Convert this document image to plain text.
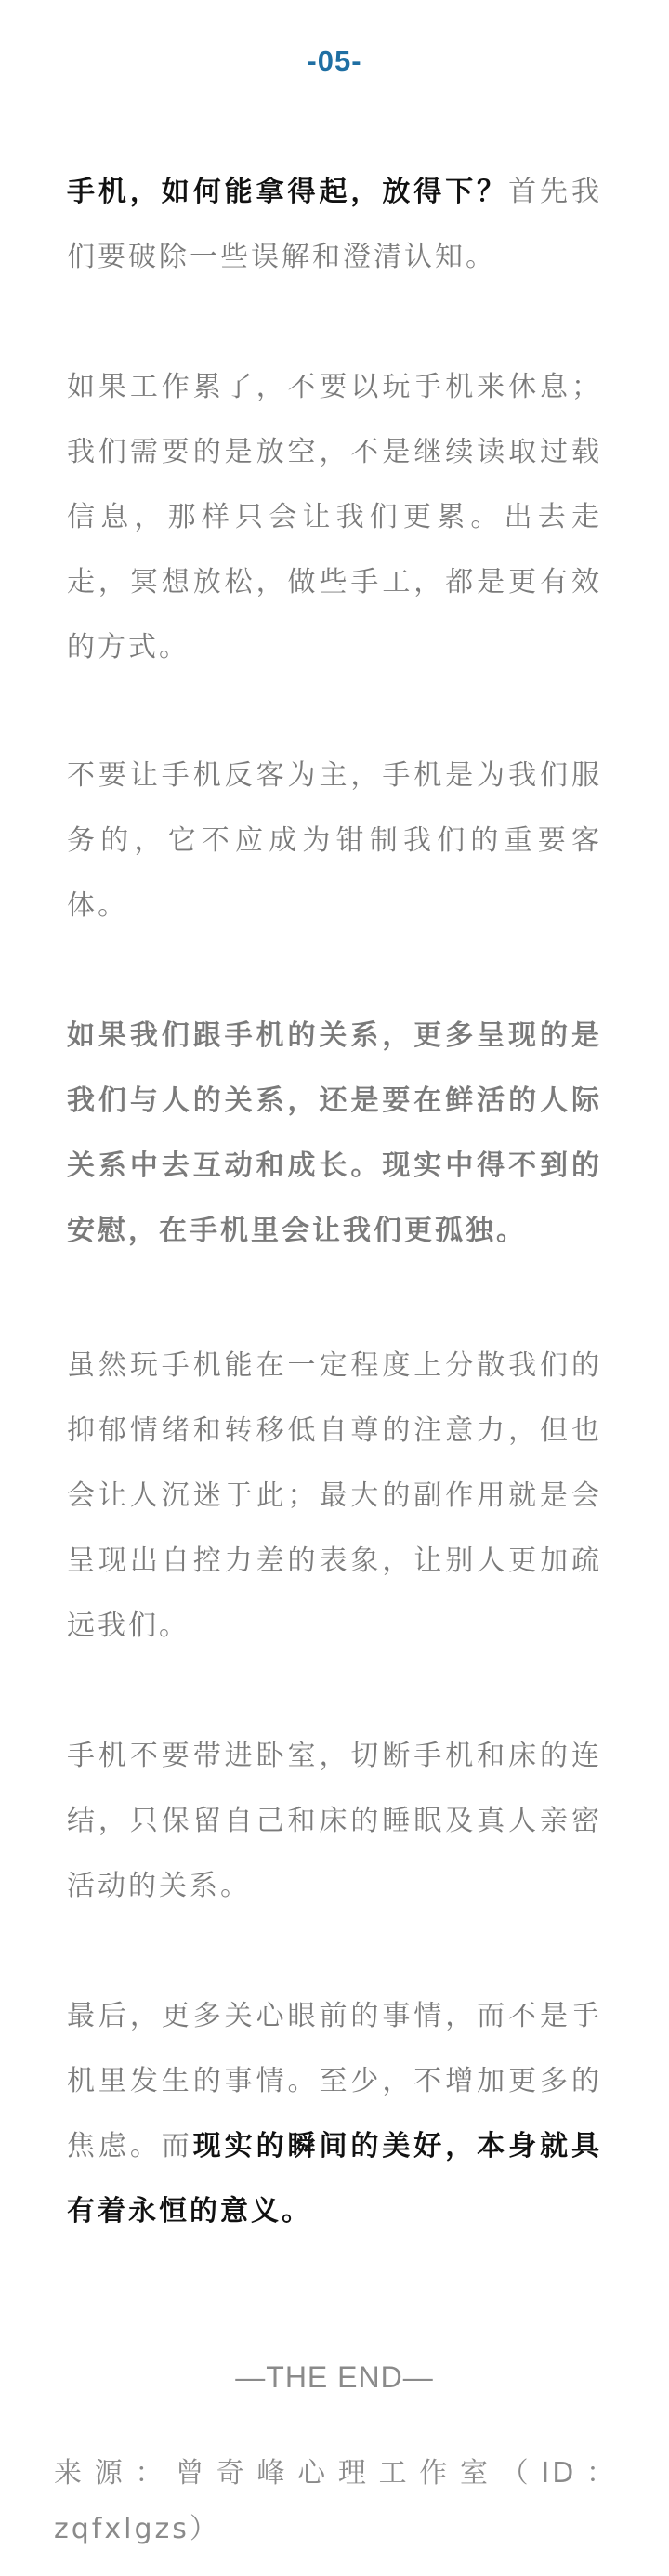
-05-

手机，如何能拿得起，放得下？首先我们要破除一些误解和澄清认知。

如果工作累了，不要以玩手机来休息；我们需要的是放空，不是继续读取过载信息，那样只会让我们更累。出去走走，冥想放松，做些手工，都是更有效的方式。

不要让手机反客为主，手机是为我们服务的，它不应成为钳制我们的重要客体。

如果我们跟手机的关系，更多呈现的是我们与人的关系，还是要在鲜活的人际关系中去互动和成长。现实中得不到的安慰，在手机里会让我们更孤独。

虽然玩手机能在一定程度上分散我们的抑郁情绪和转移低自尊的注意力，但也会让人沉迷于此；最大的副作用就是会呈现出自控力差的表象，让别人更加疏远我们。

手机不要带进卧室，切断手机和床的连结，只保留自己和床的睡眠及真人亲密活动的关系。

最后，更多关心眼前的事情，而不是手机里发生的事情。至少，不增加更多的焦虑。而现实的瞬间的美好，本身就具有着永恒的意义。

—THE END—

来源：曾奇峰心理工作室（ID：zqfxlgzs）
